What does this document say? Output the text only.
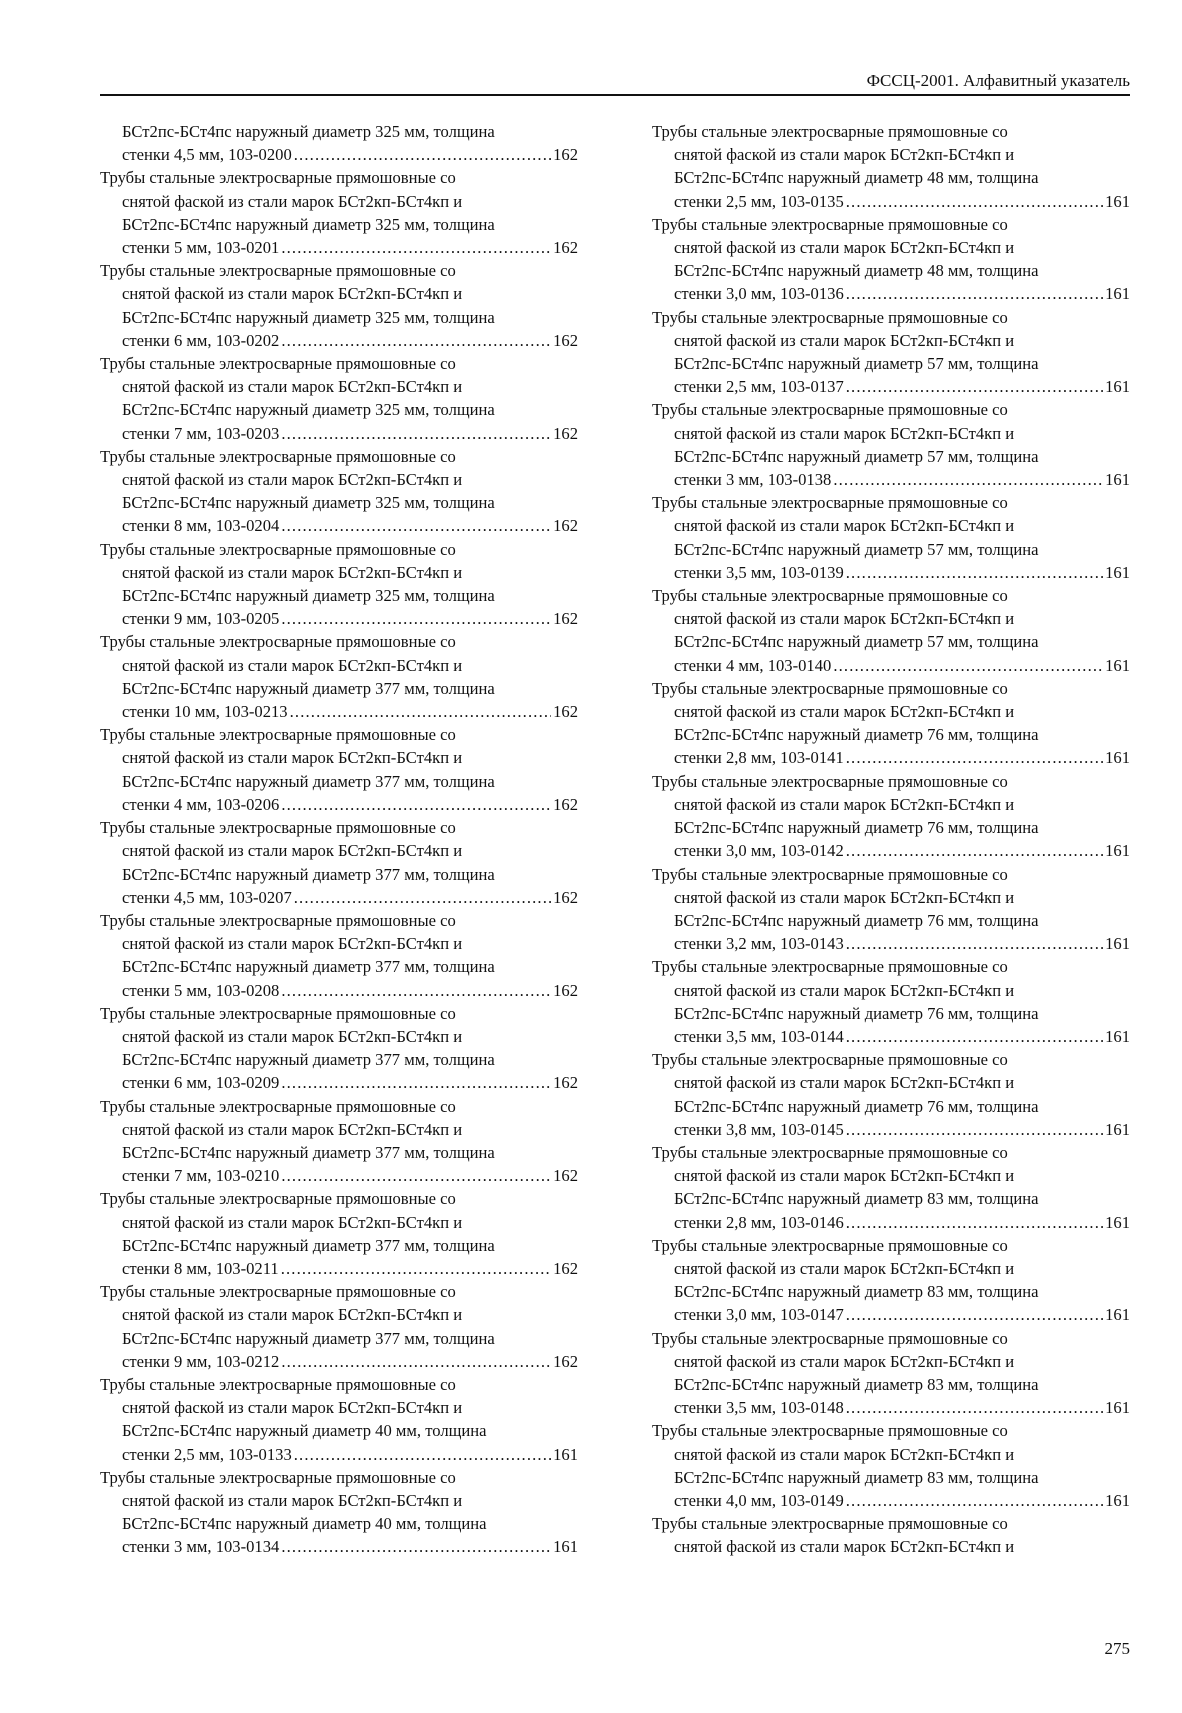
ФССЦ-2001. Алфавитный указатель
БСт2пс-БСт4пс наружный диаметр 325 мм, толщина
стенки 4,5 мм, 103-0200 . . .	162
Трубы стальные электросварные прямошовные со
снятой фаской из стали марок БСт2кп-БСт4кп и
БСт2пс-БСт4пс наружный диаметр 325 мм, толщина
стенки 5 мм, 103-0201 . . .	162
Трубы стальные электросварные прямошовные со
снятой фаской из стали марок БСт2кп-БСт4кп и
БСт2пс-БСт4пс наружный диаметр 325 мм, толщина
стенки 6 мм, 103-0202 . . .	162
Трубы стальные электросварные прямошовные со
снятой фаской из стали марок БСт2кп-БСт4кп и
БСт2пс-БСт4пс наружный диаметр 325 мм, толщина
стенки 7 мм, 103-0203 . . .	162
Трубы стальные электросварные прямошовные со
снятой фаской из стали марок БСт2кп-БСт4кп и
БСт2пс-БСт4пс наружный диаметр 325 мм, толщина
стенки 8 мм, 103-0204 . . .	162
Трубы стальные электросварные прямошовные со
снятой фаской из стали марок БСт2кп-БСт4кп и
БСт2пс-БСт4пс наружный диаметр 325 мм, толщина
стенки 9 мм, 103-0205 . . .	162
Трубы стальные электросварные прямошовные со
снятой фаской из стали марок БСт2кп-БСт4кп и
БСт2пс-БСт4пс наружный диаметр 377 мм, толщина
стенки 10 мм, 103-0213 . . .	162
Трубы стальные электросварные прямошовные со
снятой фаской из стали марок БСт2кп-БСт4кп и
БСт2пс-БСт4пс наружный диаметр 377 мм, толщина
стенки 4 мм, 103-0206 . . .	162
Трубы стальные электросварные прямошовные со
снятой фаской из стали марок БСт2кп-БСт4кп и
БСт2пс-БСт4пс наружный диаметр 377 мм, толщина
стенки 4,5 мм, 103-0207 . . .	162
Трубы стальные электросварные прямошовные со
снятой фаской из стали марок БСт2кп-БСт4кп и
БСт2пс-БСт4пс наружный диаметр 377 мм, толщина
стенки 5 мм, 103-0208 . . .	162
Трубы стальные электросварные прямошовные со
снятой фаской из стали марок БСт2кп-БСт4кп и
БСт2пс-БСт4пс наружный диаметр 377 мм, толщина
стенки 6 мм, 103-0209 . . .	162
Трубы стальные электросварные прямошовные со
снятой фаской из стали марок БСт2кп-БСт4кп и
БСт2пс-БСт4пс наружный диаметр 377 мм, толщина
стенки 7 мм, 103-0210 . . .	162
Трубы стальные электросварные прямошовные со
снятой фаской из стали марок БСт2кп-БСт4кп и
БСт2пс-БСт4пс наружный диаметр 377 мм, толщина
стенки 8 мм, 103-0211 . . .	162
Трубы стальные электросварные прямошовные со
снятой фаской из стали марок БСт2кп-БСт4кп и
БСт2пс-БСт4пс наружный диаметр 377 мм, толщина
стенки 9 мм, 103-0212 . . .	162
Трубы стальные электросварные прямошовные со
снятой фаской из стали марок БСт2кп-БСт4кп и
БСт2пс-БСт4пс наружный диаметр 40 мм, толщина
стенки 2,5 мм, 103-0133 . . .	161
Трубы стальные электросварные прямошовные со
снятой фаской из стали марок БСт2кп-БСт4кп и
БСт2пс-БСт4пс наружный диаметр 40 мм, толщина
стенки 3 мм, 103-0134 . . .	161
Трубы стальные электросварные прямошовные со
снятой фаской из стали марок БСт2кп-БСт4кп и
БСт2пс-БСт4пс наружный диаметр 48 мм, толщина
стенки 2,5 мм, 103-0135 . . .	161
Трубы стальные электросварные прямошовные со
снятой фаской из стали марок БСт2кп-БСт4кп и
БСт2пс-БСт4пс наружный диаметр 48 мм, толщина
стенки 3,0 мм, 103-0136 . . .	161
Трубы стальные электросварные прямошовные со
снятой фаской из стали марок БСт2кп-БСт4кп и
БСт2пс-БСт4пс наружный диаметр 57 мм, толщина
стенки 2,5 мм, 103-0137 . . .	161
Трубы стальные электросварные прямошовные со
снятой фаской из стали марок БСт2кп-БСт4кп и
БСт2пс-БСт4пс наружный диаметр 57 мм, толщина
стенки 3 мм, 103-0138 . . .	161
Трубы стальные электросварные прямошовные со
снятой фаской из стали марок БСт2кп-БСт4кп и
БСт2пс-БСт4пс наружный диаметр 57 мм, толщина
стенки 3,5 мм, 103-0139 . . .	161
Трубы стальные электросварные прямошовные со
снятой фаской из стали марок БСт2кп-БСт4кп и
БСт2пс-БСт4пс наружный диаметр 57 мм, толщина
стенки 4 мм, 103-0140 . . .	161
Трубы стальные электросварные прямошовные со
снятой фаской из стали марок БСт2кп-БСт4кп и
БСт2пс-БСт4пс наружный диаметр 76 мм, толщина
стенки 2,8 мм, 103-0141 . . .	161
Трубы стальные электросварные прямошовные со
снятой фаской из стали марок БСт2кп-БСт4кп и
БСт2пс-БСт4пс наружный диаметр 76 мм, толщина
стенки 3,0 мм, 103-0142 . . .	161
Трубы стальные электросварные прямошовные со
снятой фаской из стали марок БСт2кп-БСт4кп и
БСт2пс-БСт4пс наружный диаметр 76 мм, толщина
стенки 3,2 мм, 103-0143 . . .	161
Трубы стальные электросварные прямошовные со
снятой фаской из стали марок БСт2кп-БСт4кп и
БСт2пс-БСт4пс наружный диаметр 76 мм, толщина
стенки 3,5 мм, 103-0144 . . .	161
Трубы стальные электросварные прямошовные со
снятой фаской из стали марок БСт2кп-БСт4кп и
БСт2пс-БСт4пс наружный диаметр 76 мм, толщина
стенки 3,8 мм, 103-0145 . . .	161
Трубы стальные электросварные прямошовные со
снятой фаской из стали марок БСт2кп-БСт4кп и
БСт2пс-БСт4пс наружный диаметр 83 мм, толщина
стенки 2,8 мм, 103-0146 . . .	161
Трубы стальные электросварные прямошовные со
снятой фаской из стали марок БСт2кп-БСт4кп и
БСт2пс-БСт4пс наружный диаметр 83 мм, толщина
стенки 3,0 мм, 103-0147 . . .	161
Трубы стальные электросварные прямошовные со
снятой фаской из стали марок БСт2кп-БСт4кп и
БСт2пс-БСт4пс наружный диаметр 83 мм, толщина
стенки 3,5 мм, 103-0148 . . .	161
Трубы стальные электросварные прямошовные со
снятой фаской из стали марок БСт2кп-БСт4кп и
БСт2пс-БСт4пс наружный диаметр 83 мм, толщина
стенки 4,0 мм, 103-0149 . . .	161
Трубы стальные электросварные прямошовные со
снятой фаской из стали марок БСт2кп-БСт4кп и
275
